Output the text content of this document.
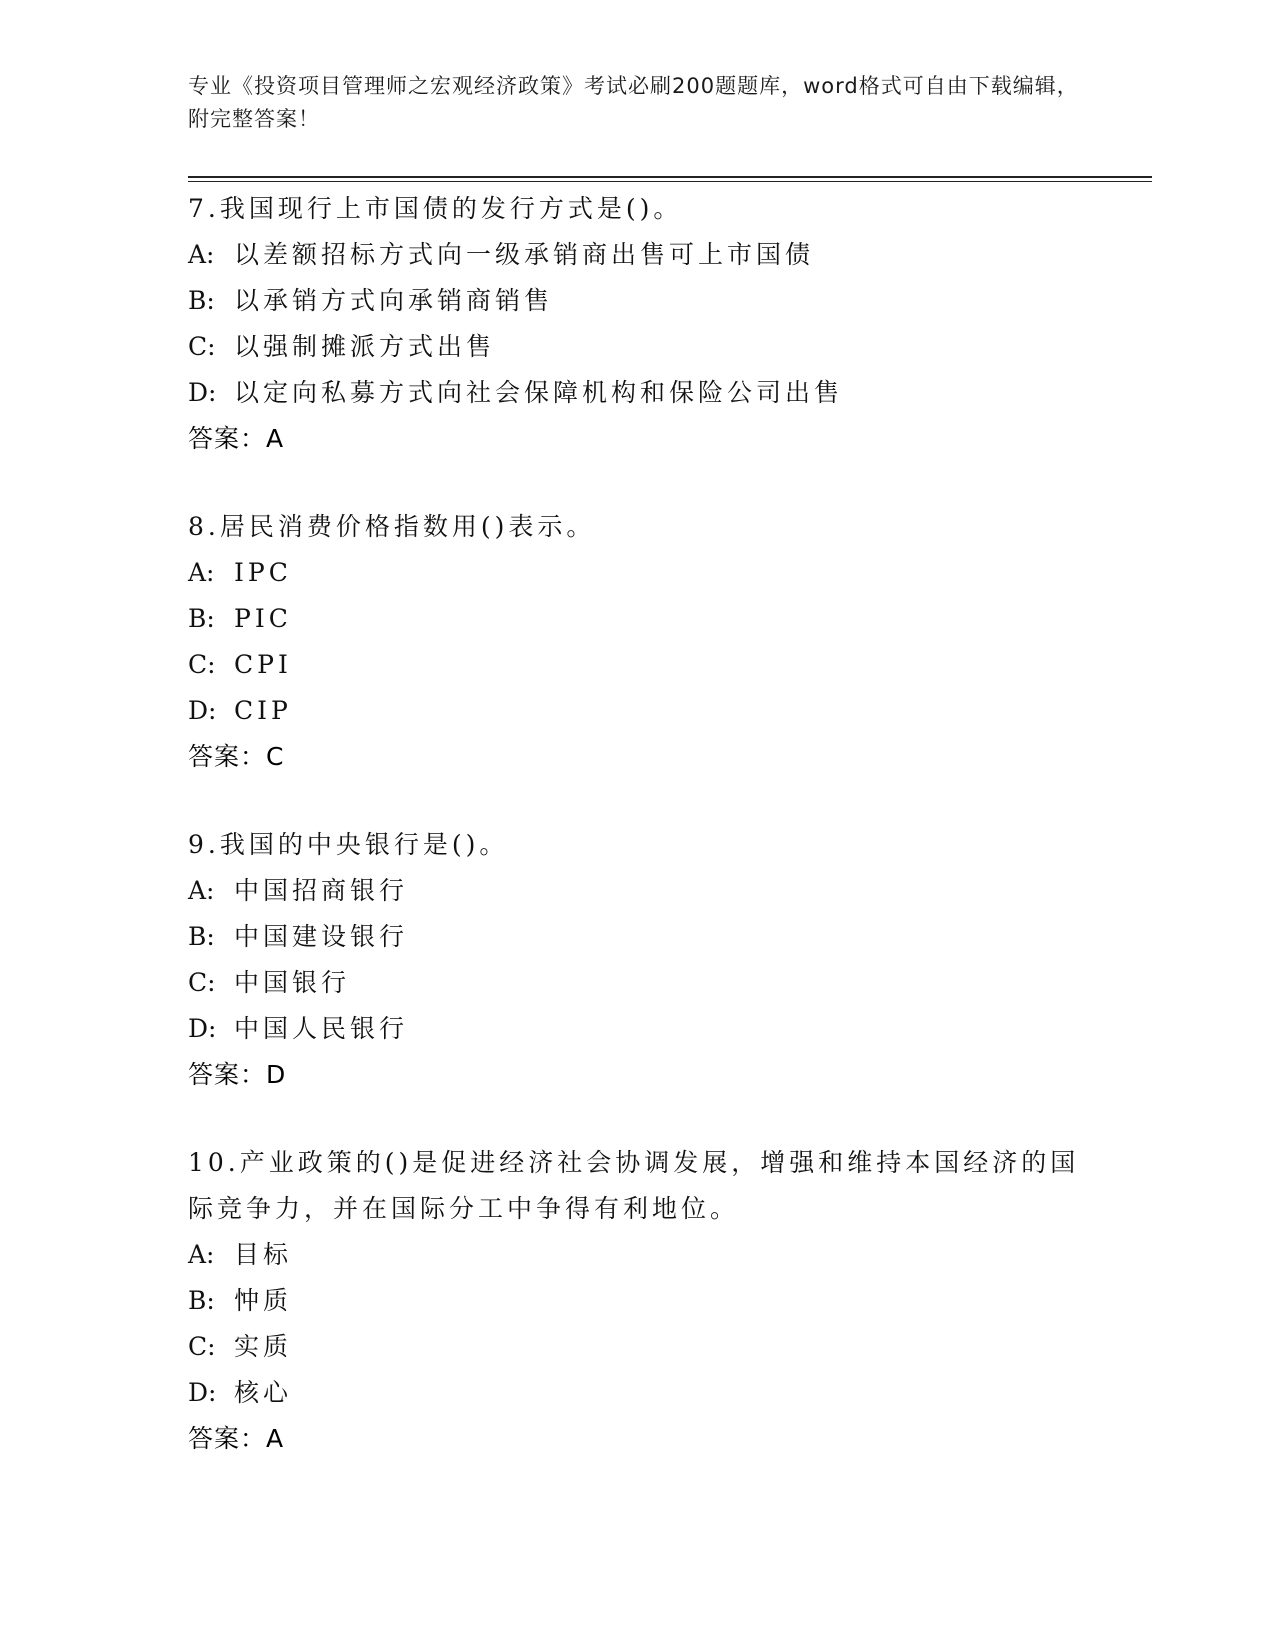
专业《投资项目管理师之宏观经济政策》考试必刷200题题库，word格式可自由下载编辑，附完整答案！
7.我国现行上市国债的发行方式是()。
A: 以差额招标方式向一级承销商出售可上市国债
B: 以承销方式向承销商销售
C: 以强制摊派方式出售
D: 以定向私募方式向社会保障机构和保险公司出售
答案：A
8.居民消费价格指数用()表示。
A: IPC
B: PIC
C: CPI
D: CIP
答案：C
9.我国的中央银行是()。
A: 中国招商银行
B: 中国建设银行
C: 中国银行
D: 中国人民银行
答案：D
10.产业政策的()是促进经济社会协调发展，增强和维持本国经济的国际竞争力，并在国际分工中争得有利地位。
A: 目标
B: 忡质
C: 实质
D: 核心
答案：A
